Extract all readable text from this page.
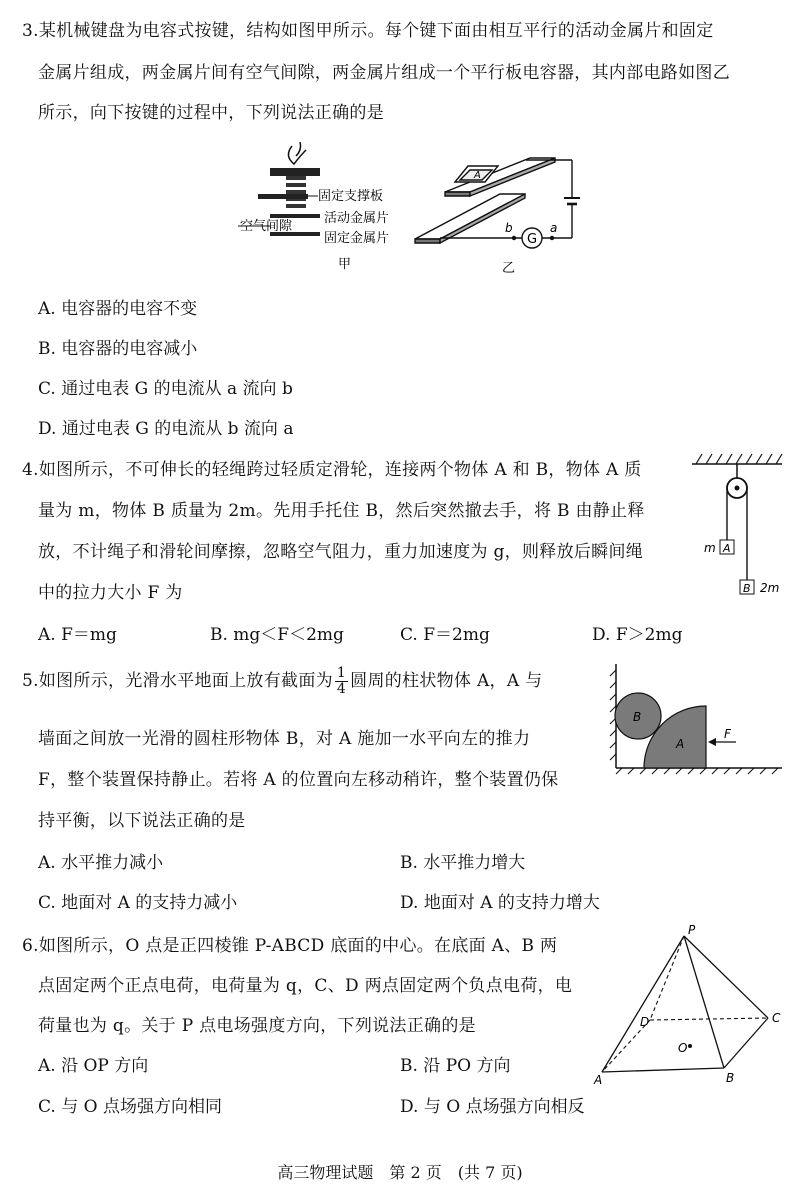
3.某机械键盘为电容式按键，结构如图甲所示。每个键下面由相互平行的活动金属片和固定
金属片组成，两金属片间有空气间隙，两金属片组成一个平行板电容器，其内部电路如图乙
所示，向下按键的过程中，下列说法正确的是
固定支撑板
空气间隙
活动金属片
固定金属片
甲
A
b
G
a
乙
A. 电容器的电容不变
B. 电容器的电容减小
C. 通过电表 G 的电流从 a 流向 b
D. 通过电表 G 的电流从 b 流向 a
4.如图所示，不可伸长的轻绳跨过轻质定滑轮，连接两个物体 A 和 B，物体 A 质
量为 m，物体 B 质量为 2m。先用手托住 B，然后突然撤去手，将 B 由静止释
放，不计绳子和滑轮间摩擦，忽略空气阻力，重力加速度为 g，则释放后瞬间绳
中的拉力大小 F 为
m A
B 2m
A. F＝mg	B. mg＜F＜2mg	C. F＝2mg	D. F＞2mg
5.如图所示，光滑水平地面上放有截面为 $\frac{1}{4}$ 圆周的柱状物体 A，A 与
墙面之间放一光滑的圆柱形物体 B，对 A 施加一水平向左的推力
F，整个装置保持静止。若将 A 的位置向左移动稍许，整个装置仍保
持平衡，以下说法正确的是
B
A
F
A. 水平推力减小	B. 水平推力增大
C. 地面对 A 的支持力减小	D. 地面对 A 的支持力增大
6.如图所示，O 点是正四棱锥 P-ABCD 底面的中心。在底面 A、B 两
点固定两个正点电荷，电荷量为 q，C、D 两点固定两个负点电荷，电
荷量也为 q。关于 P 点电场强度方向，下列说法正确的是
P
D	C
O
A	B
A. 沿 OP 方向	B. 沿 PO 方向
C. 与 O 点场强方向相同	D. 与 O 点场强方向相反
高三物理试题　第 2 页　(共 7 页)
